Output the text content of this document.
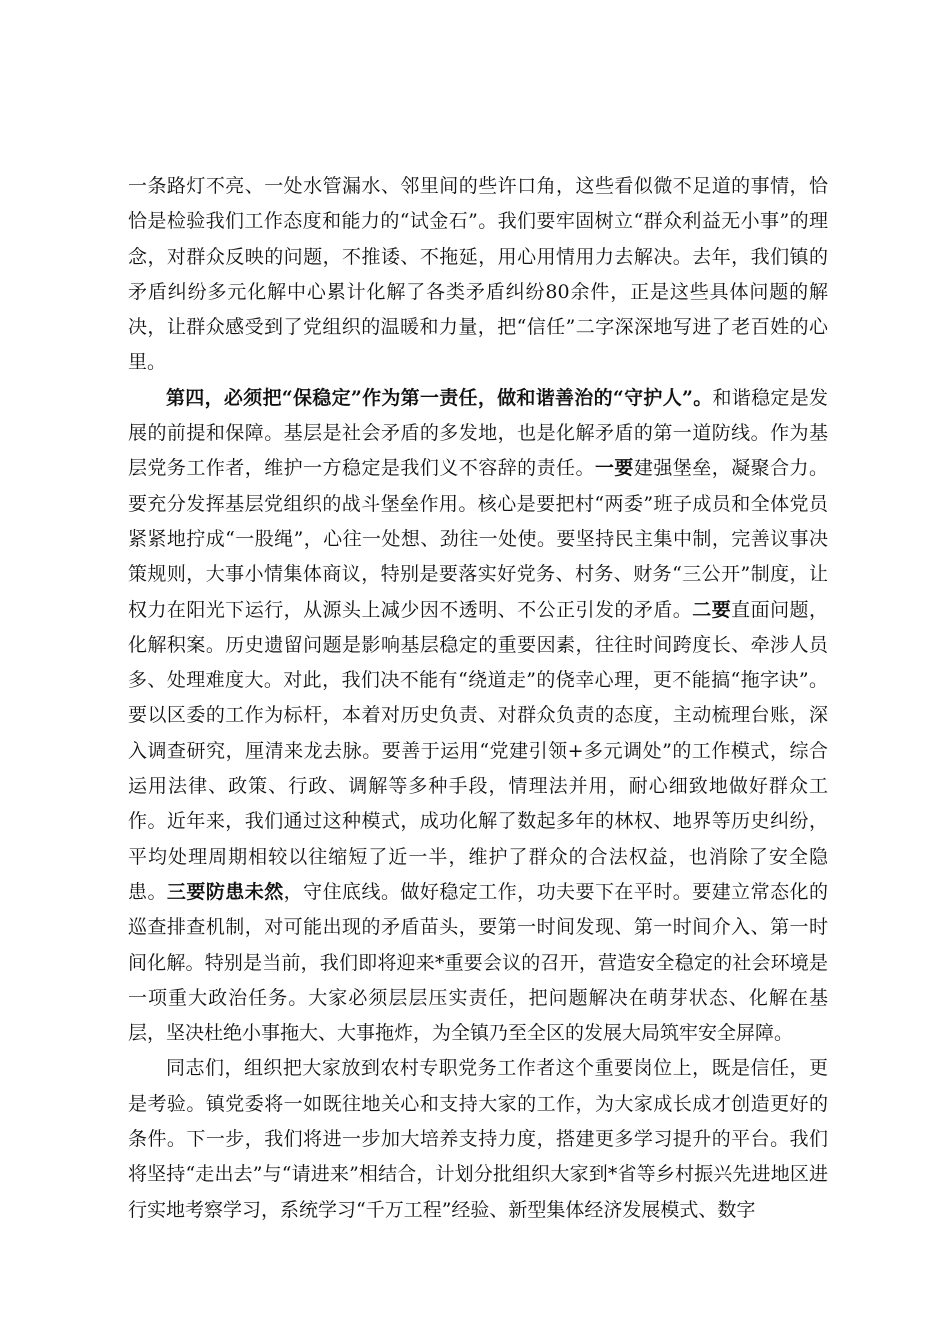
一条路灯不亮、一处水管漏水、邻里间的些许口角，这些看似微不足道的事情，恰恰是检验我们工作态度和能力的“试金石”。我们要牢固树立“群众利益无小事”的理念，对群众反映的问题，不推诿、不拖延，用心用情用力去解决。去年，我们镇的矛盾纠纷多元化解中心累计化解了各类矛盾纠纷80余件，正是这些具体问题的解决，让群众感受到了党组织的温暖和力量，把“信任”二字深深地写进了老百姓的心里。

第四，必须把“保稳定”作为第一责任，做和谐善治的“守护人”。和谐稳定是发展的前提和保障。基层是社会矛盾的多发地，也是化解矛盾的第一道防线。作为基层党务工作者，维护一方稳定是我们义不容辞的责任。一要建强堡垒，凝聚合力。要充分发挥基层党组织的战斗堡垒作用。核心是要把村“两委”班子成员和全体党员紧紧地拧成“一股绳”，心往一处想、劲往一处使。要坚持民主集中制，完善议事决策规则，大事小情集体商议，特别是要落实好党务、村务、财务“三公开”制度，让权力在阳光下运行，从源头上减少因不透明、不公正引发的矛盾。二要直面问题，化解积案。历史遗留问题是影响基层稳定的重要因素，往往时间跨度长、牵涉人员多、处理难度大。对此，我们决不能有“绕道走”的侥幸心理，更不能搞“拖字诀”。要以区委的工作为标杆，本着对历史负责、对群众负责的态度，主动梳理台账，深入调查研究，厘清来龙去脉。要善于运用“党建引领+多元调处”的工作模式，综合运用法律、政策、行政、调解等多种手段，情理法并用，耐心细致地做好群众工作。近年来，我们通过这种模式，成功化解了数起多年的林权、地界等历史纠纷，平均处理周期相较以往缩短了近一半，维护了群众的合法权益，也消除了安全隐患。三要防患未然，守住底线。做好稳定工作，功夫要下在平时。要建立常态化的巡查排查机制，对可能出现的矛盾苗头，要第一时间发现、第一时间介入、第一时间化解。特别是当前，我们即将迎来*重要会议的召开，营造安全稳定的社会环境是一项重大政治任务。大家必须层层压实责任，把问题解决在萌芽状态、化解在基层，坚决杜绝小事拖大、大事拖炸，为全镇乃至全区的发展大局筑牢安全屏障。

同志们，组织把大家放到农村专职党务工作者这个重要岗位上，既是信任，更是考验。镇党委将一如既往地关心和支持大家的工作，为大家成长成才创造更好的条件。下一步，我们将进一步加大培养支持力度，搭建更多学习提升的平台。我们将坚持“走出去”与“请进来”相结合，计划分批组织大家到*省等乡村振兴先进地区进行实地考察学习，系统学习“千万工程”经验、新型集体经济发展模式、数字
